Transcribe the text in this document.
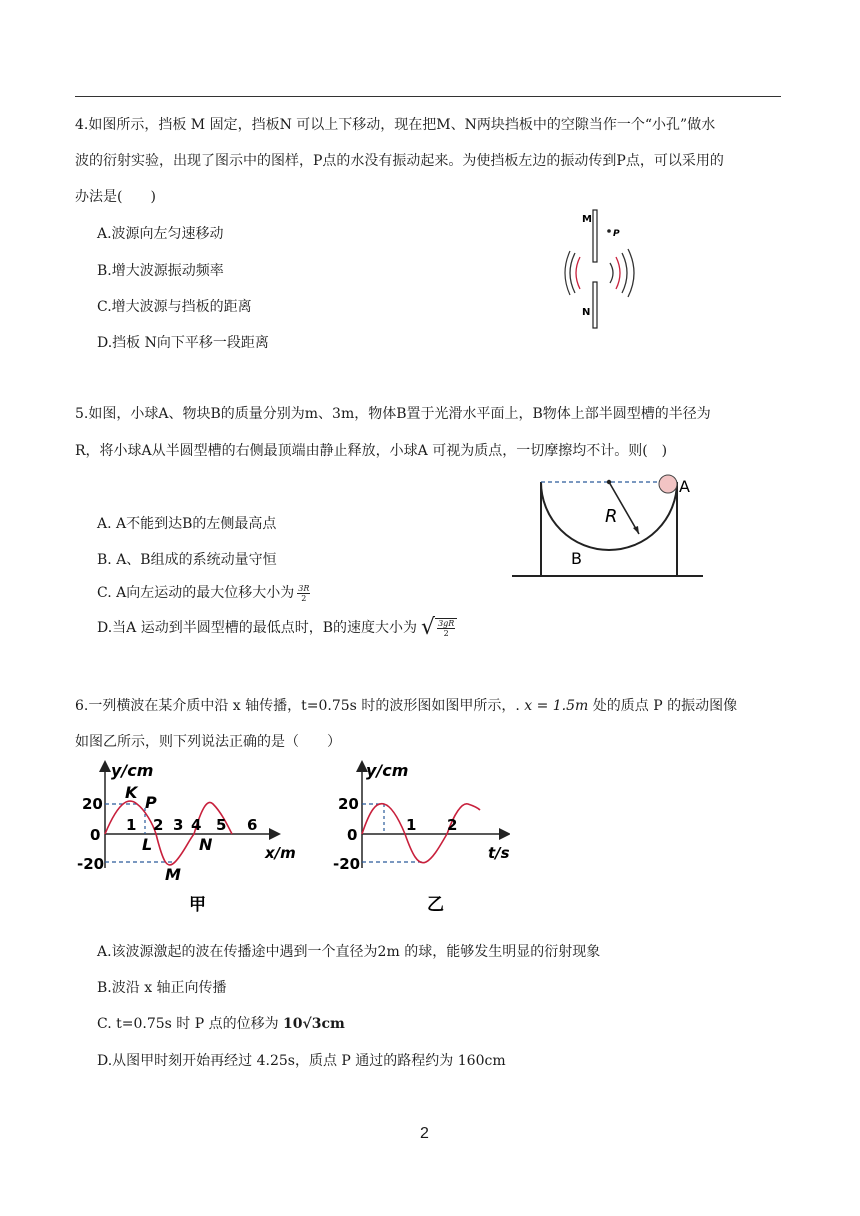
4.如图所示，挡板 M 固定，挡板N 可以上下移动，现在把M、N两块挡板中的空隙当作一个“小孔”做水
波的衍射实验，出现了图示中的图样，P点的水没有振动起来。为使挡板左边的振动传到P点，可以采用的
办法是(　　)
A.波源向左匀速移动
B.增大波源振动频率
C.增大波源与挡板的距离
D.挡板 N向下平移一段距离
M
P
N
5.如图，小球A、物块B的质量分别为m、3m，物体B置于光滑水平面上，B物体上部半圆型槽的半径为
R，将小球A从半圆型槽的右侧最顶端由静止释放，小球A 可视为质点，一切摩擦均不计。则(　)
A. A不能到达B的左侧最高点
B. A、B组成的系统动量守恒
C. A向左运动的最大位移大小为 $\frac{3R}{2}$
D.当A 运动到半圆型槽的最低点时，B的速度大小为 √ $\frac{3gR}{2}$
R
A
B
6.一列横波在某介质中沿 x 轴传播，t=0.75s 时的波形图如图甲所示，. x = 1.5m 处的质点 P 的振动图像
如图乙所示，则下列说法正确的是（　　）
y/cm
x/m
20
0
-20
1 2 3 4 5 6
K
P
L
M
N
甲
y/cm
t/s
20
0
-20
1 2
乙
A.该波源激起的波在传播途中遇到一个直径为2m 的球，能够发生明显的衍射现象
B.波沿 x 轴正向传播
C. t=0.75s 时 P 点的位移为 10√3cm
D.从图甲时刻开始再经过 4.25s，质点 P 通过的路程约为 160cm
2
